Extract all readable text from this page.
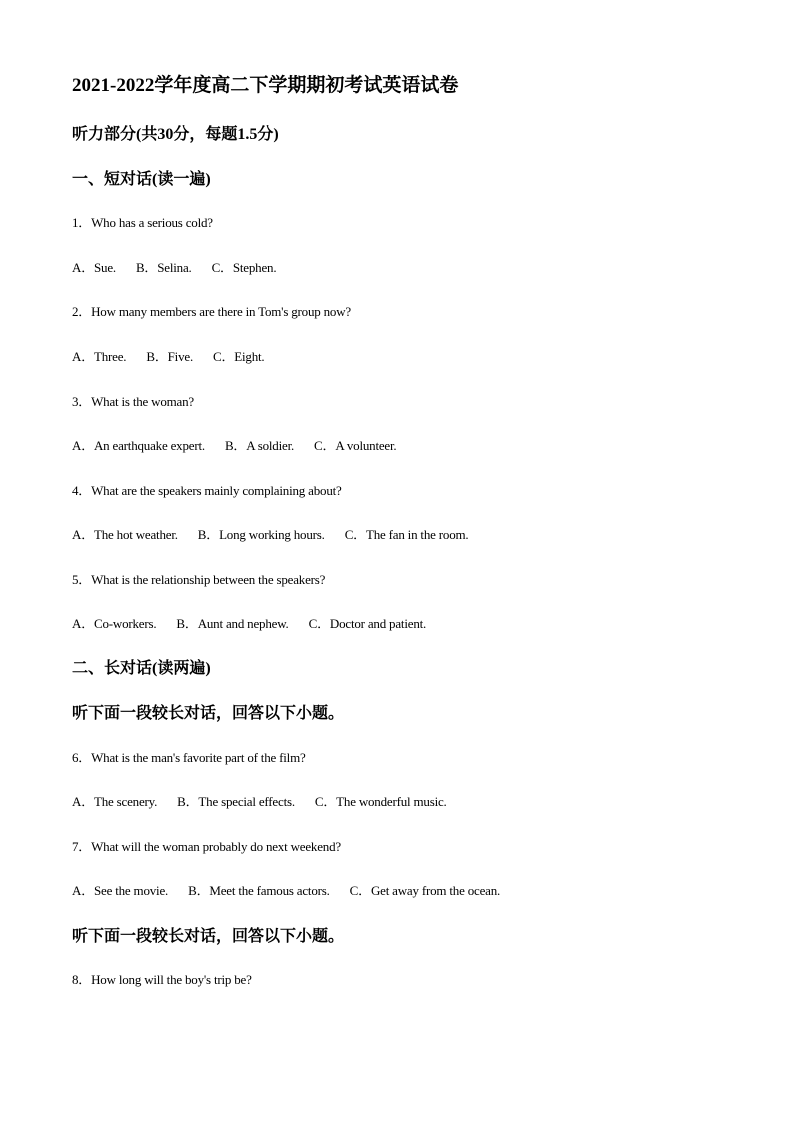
2021-2022学年度高二下学期期初考试英语试卷
听力部分(共30分，每题1.5分)
一、短对话(读一遍)
1．Who has a serious cold?
A．Sue. B．Selina. C．Stephen.
2．How many members are there in Tom's group now?
A．Three. B．Five. C．Eight.
3．What is the woman?
A．An earthquake expert. B．A soldier. C．A volunteer.
4．What are the speakers mainly complaining about?
A．The hot weather. B．Long working hours. C．The fan in the room.
5．What is the relationship between the speakers?
A．Co-workers. B．Aunt and nephew. C．Doctor and patient.
二、长对话(读两遍)
听下面一段较长对话，回答以下小题。
6．What is the man's favorite part of the film?
A．The scenery. B．The special effects. C．The wonderful music.
7．What will the woman probably do next weekend?
A．See the movie. B．Meet the famous actors. C．Get away from the ocean.
听下面一段较长对话，回答以下小题。
8．How long will the boy's trip be?
